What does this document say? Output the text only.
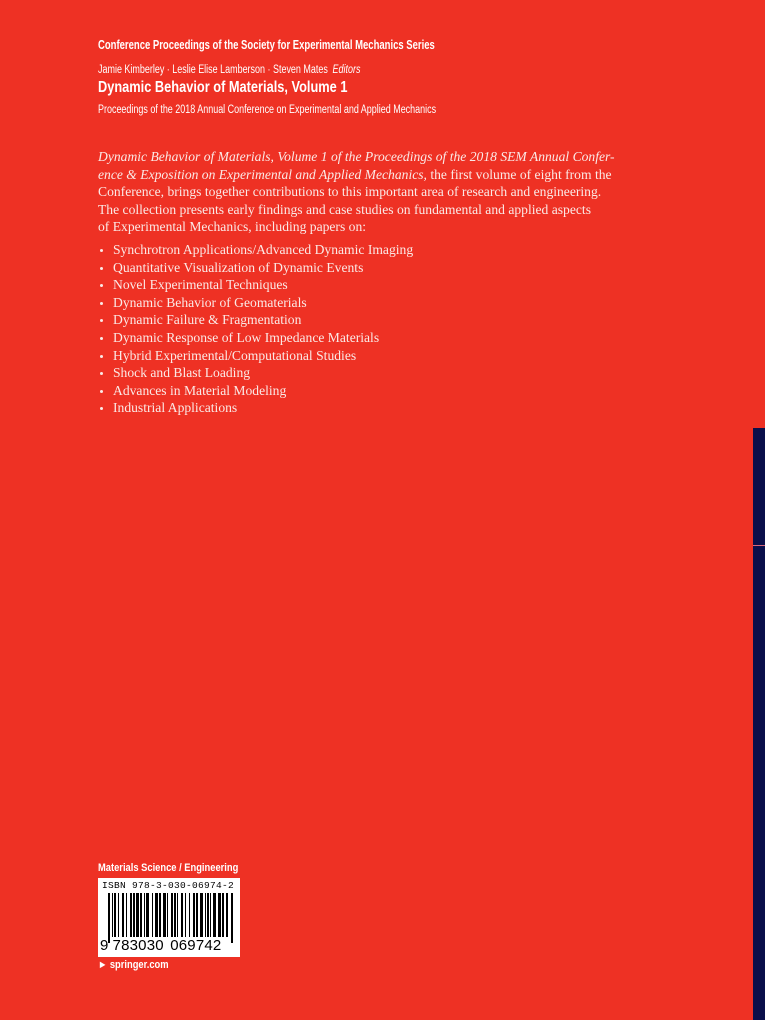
Conference Proceedings of the Society for Experimental Mechanics Series
Jamie Kimberley · Leslie Elise Lamberson · Steven Mates Editors
Dynamic Behavior of Materials, Volume 1
Proceedings of the 2018 Annual Conference on Experimental and Applied Mechanics
Dynamic Behavior of Materials, Volume 1 of the Proceedings of the 2018 SEM Annual Confer-
ence & Exposition on Experimental and Applied Mechanics, the first volume of eight from the
Conference, brings together contributions to this important area of research and engineering.
The collection presents early findings and case studies on fundamental and applied aspects
of Experimental Mechanics, including papers on:
Synchrotron Applications/Advanced Dynamic Imaging
Quantitative Visualization of Dynamic Events
Novel Experimental Techniques
Dynamic Behavior of Geomaterials
Dynamic Failure & Fragmentation
Dynamic Response of Low Impedance Materials
Hybrid Experimental/Computational Studies
Shock and Blast Loading
Advances in Material Modeling
Industrial Applications
Materials Science / Engineering
ISBN 978-3-030-06974-2
9 783030 069742
► springer.com
